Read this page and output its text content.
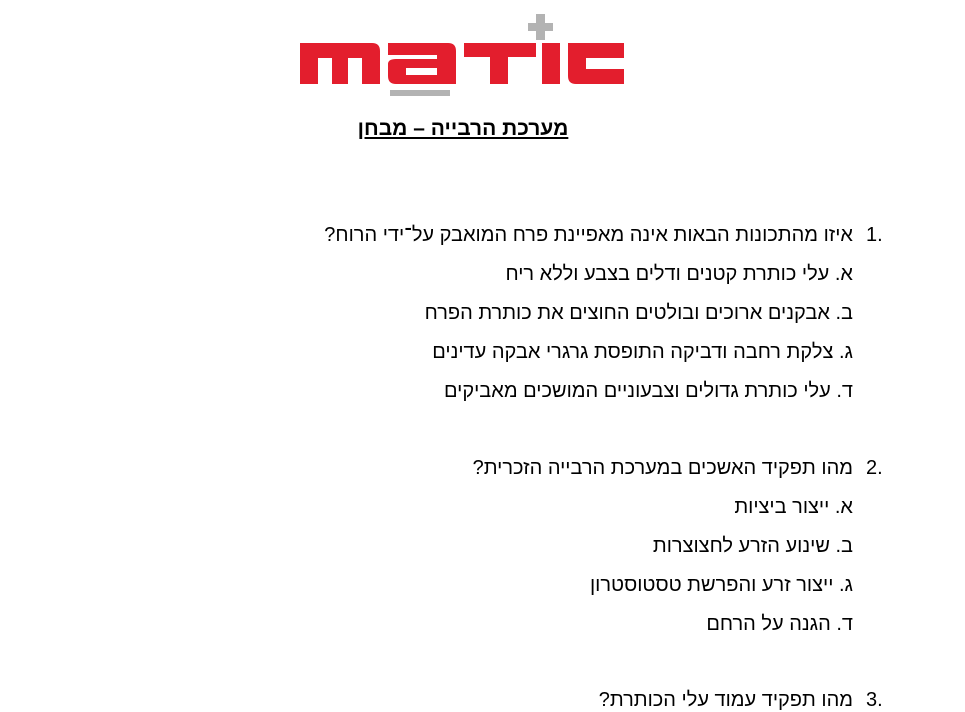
מערכת הרבייה – מבחן
1.
איזו מהתכונות הבאות אינה מאפיינת פרח המואבק על־ידי הרוח?
א. עלי כותרת קטנים ודלים בצבע וללא ריח
ב. אבקנים ארוכים ובולטים החוצים את כותרת הפרח
ג. צלקת רחבה ודביקה התופסת גרגרי אבקה עדינים
ד. עלי כותרת גדולים וצבעוניים המושכים מאביקים
2.
מהו תפקיד האשכים במערכת הרבייה הזכרית?
א. ייצור ביציות
ב. שינוע הזרע לחצוצרות
ג. ייצור זרע והפרשת טסטוסטרון
ד. הגנה על הרחם
3.
מהו תפקיד עמוד עלי הכותרת?
